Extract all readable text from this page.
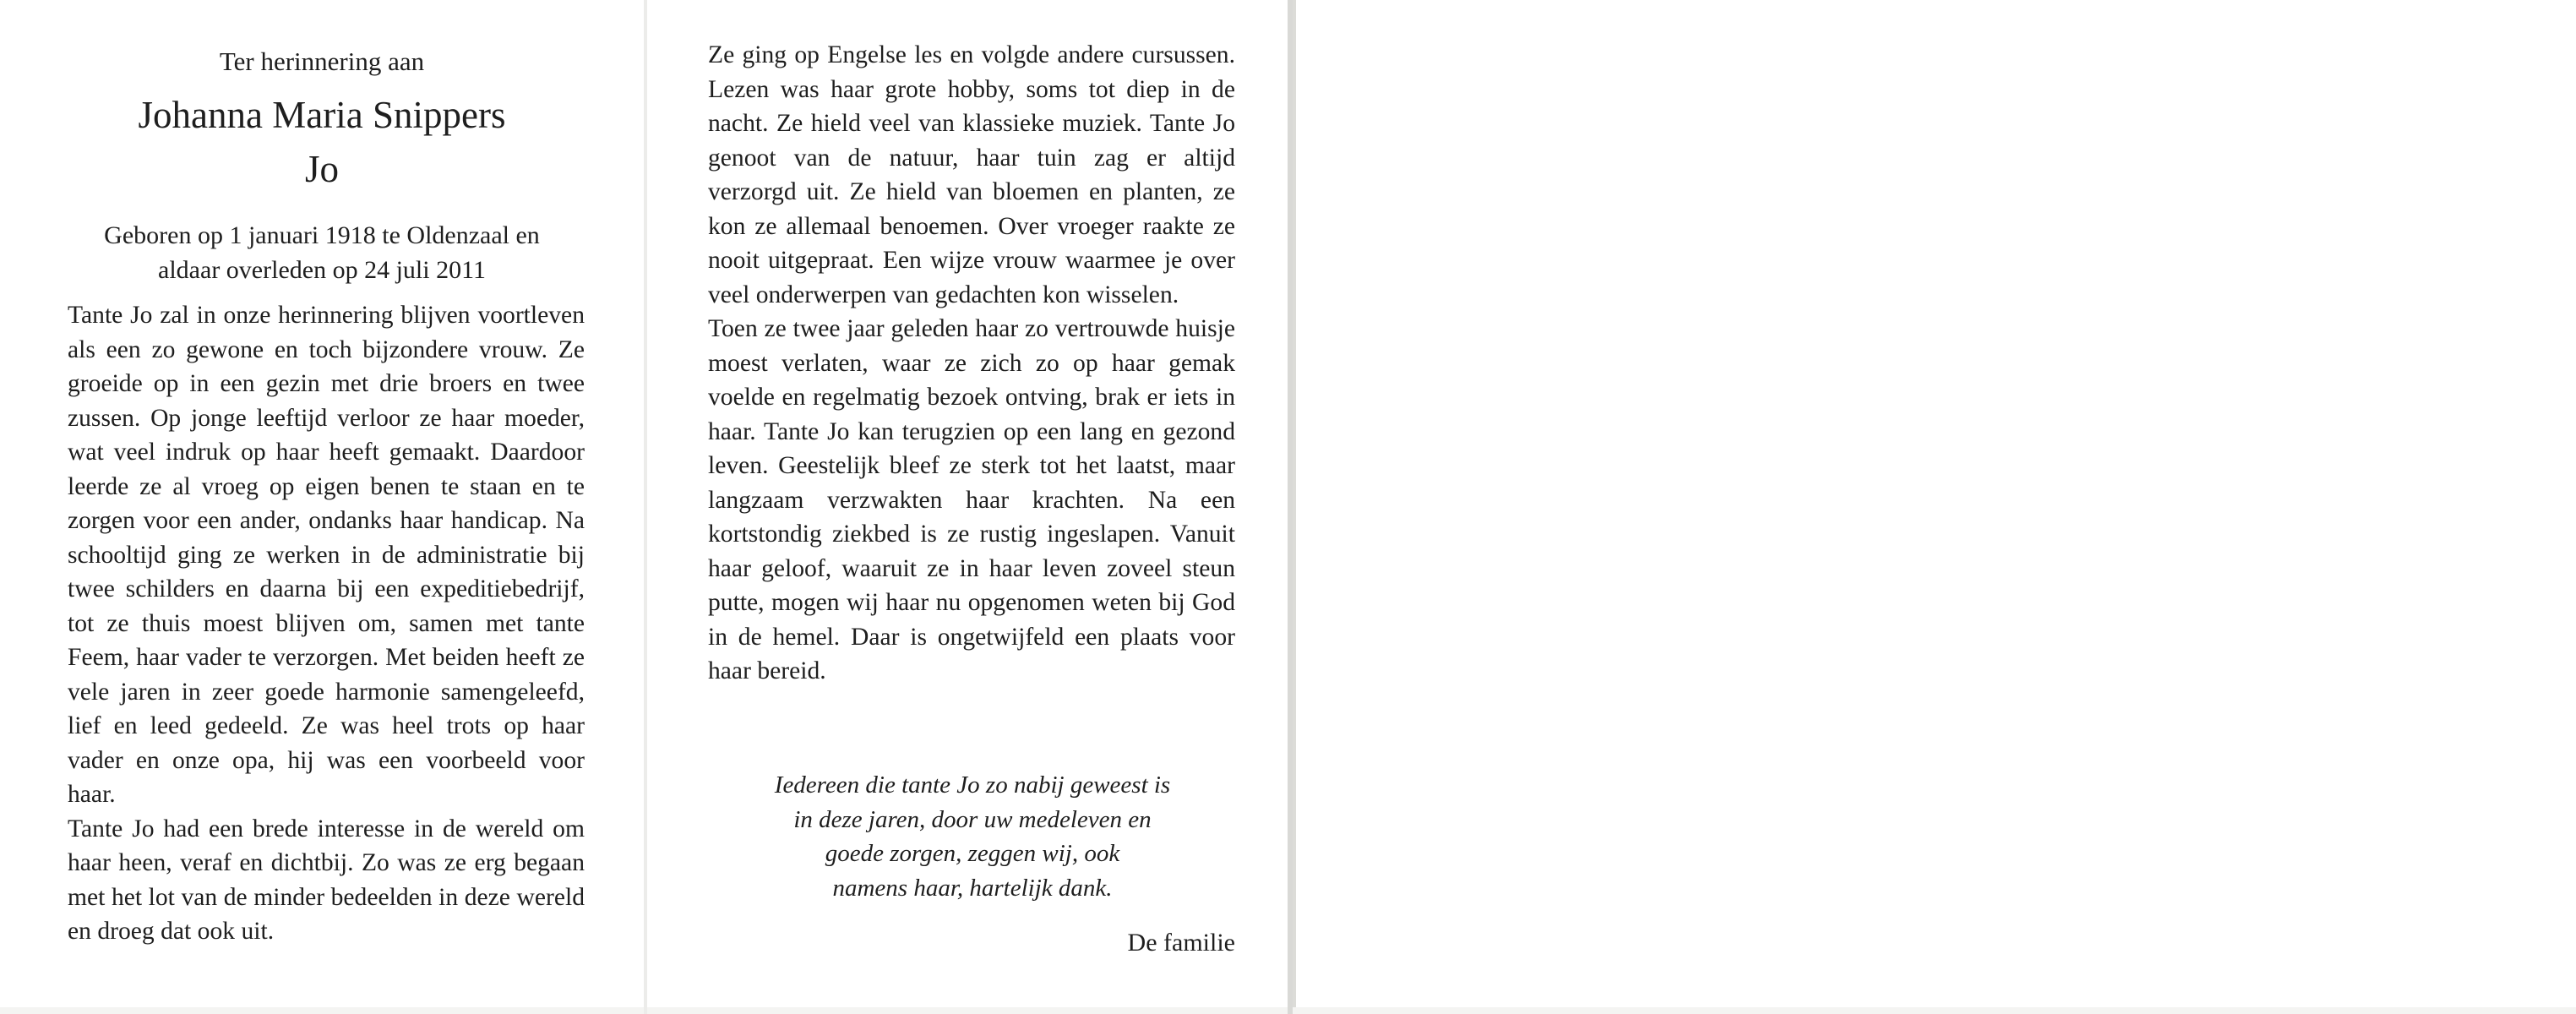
Ter herinnering aan

Johanna Maria Snippers

Jo

Geboren op 1 januari 1918 te Oldenzaal en

aldaar overleden op 24 juli 2011

Tante Jo zal in onze herinnering blijven voortleven als een zo gewone en toch bijzondere vrouw. Ze groeide op in een gezin met drie broers en twee zussen. Op jonge leeftijd verloor ze haar moeder, wat veel indruk op haar heeft gemaakt. Daardoor leerde ze al vroeg op eigen benen te staan en te zorgen voor een ander, ondanks haar handicap. Na schooltijd ging ze werken in de administratie bij twee schilders en daarna bij een expeditiebedrijf, tot ze thuis moest blijven om, samen met tante Feem, haar vader te verzorgen. Met beiden heeft ze vele jaren in zeer goede harmonie samengeleefd, lief en leed gedeeld. Ze was heel trots op haar vader en onze opa, hij was een voorbeeld voor haar.

Tante Jo had een brede interesse in de wereld om haar heen, veraf en dichtbij. Zo was ze erg begaan met het lot van de minder bedeelden in deze wereld en droeg dat ook uit.

Ze ging op Engelse les en volgde andere cursussen. Lezen was haar grote hobby, soms tot diep in de nacht. Ze hield veel van klassieke muziek. Tante Jo genoot van de natuur, haar tuin zag er altijd verzorgd uit. Ze hield van bloemen en planten, ze kon ze allemaal benoemen. Over vroeger raakte ze nooit uitgepraat. Een wijze vrouw waarmee je over veel onderwerpen van gedachten kon wisselen.

Toen ze twee jaar geleden haar zo vertrouwde huisje moest verlaten, waar ze zich zo op haar gemak voelde en regelmatig bezoek ontving, brak er iets in haar. Tante Jo kan terugzien op een lang en gezond leven. Geestelijk bleef ze sterk tot het laatst, maar langzaam verzwakten haar krachten. Na een kortstondig ziekbed is ze rustig ingeslapen. Vanuit haar geloof, waaruit ze in haar leven zoveel steun putte, mogen wij haar nu opgenomen weten bij God in de hemel. Daar is ongetwijfeld een plaats voor haar bereid.

Iedereen die tante Jo zo nabij geweest is

in deze jaren, door uw medeleven en

goede zorgen, zeggen wij, ook

namens haar, hartelijk dank.

De familie
